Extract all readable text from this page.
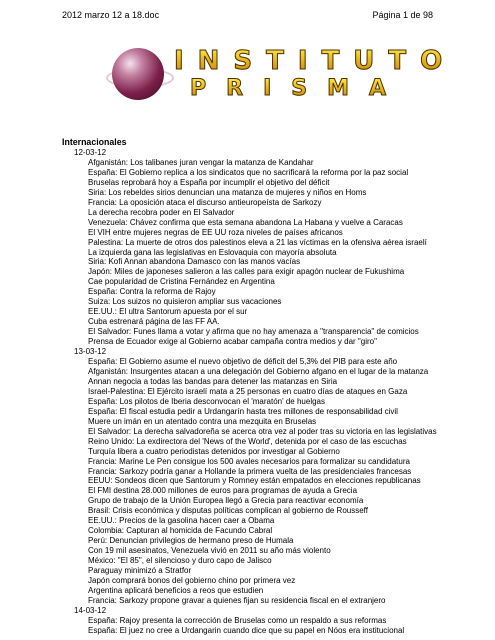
2012 marzo 12 a 18.doc	Página 1 de 98
INSTITUTO
PRISMA
Internacionales
12-03-12
Afganistán: Los talibanes juran vengar la matanza de Kandahar
España: El Gobierno replica a los sindicatos que no sacrificará la reforma por la paz social
Bruselas reprobará hoy a España por incumplir el objetivo del déficit
Siria: Los rebeldes sirios denuncian una matanza de mujeres y niños en Homs
Francia: La oposición ataca el discurso antieuropeísta de Sarkozy
La derecha recobra poder en El Salvador
Venezuela: Chávez confirma que esta semana abandona La Habana y vuelve a Caracas
El VIH entre mujeres negras de EE UU roza niveles de países africanos
Palestina: La muerte de otros dos palestinos eleva a 21 las víctimas en la ofensiva aérea israelí
La izquierda gana las legislativas en Eslovaquia con mayoría absoluta
Siria: Kofi Annan abandona Damasco con las manos vacías
Japón: Miles de japoneses salieron a las calles para exigir apagón nuclear de Fukushima
Cae popularidad de Cristina Fernández en Argentina
España: Contra la reforma de Rajoy
Suiza: Los suizos no quisieron ampliar sus vacaciones
EE.UU.: El ultra Santorum apuesta por el sur
Cuba estrenará página de las FF AA.
El Salvador: Funes llama a votar y afirma que no hay amenaza a "transparencia" de comicios
Prensa de Ecuador exige al Gobierno acabar campaña contra medios y dar "giro"
13-03-12
España: El Gobierno asume el nuevo objetivo de déficit del 5,3% del PIB para este año
Afganistán: Insurgentes atacan a una delegación del Gobierno afgano en el lugar de la matanza
Annan negocia a todas las bandas para detener las matanzas en Siria
Israel-Palestina: El Ejército israelí mata a 25 personas en cuatro días de ataques en Gaza
España: Los pilotos de Iberia desconvocan el 'maratón' de huelgas
España: El fiscal estudia pedir a Urdangarín hasta tres millones de responsabilidad civil
Muere un imán en un atentado contra una mezquita en Bruselas
El Salvador: La derecha salvadoreña se acerca otra vez al poder tras su victoria en las legislativas
Reino Unido: La exdirectora del 'News of the World', detenida por el caso de las escuchas
Turquía libera a cuatro periodistas detenidos por investigar al Gobierno
Francia: Marine Le Pen consigue los 500 avales necesarios para formalizar su candidatura
Francia: Sarkozy podría ganar a Hollande la primera vuelta de las presidenciales francesas
EEUU: Sondeos dicen que Santorum y Romney están empatados en elecciones republicanas
El FMI destina 28.000 millones de euros para programas de ayuda a Grecia
Grupo de trabajo de la Unión Europea llegó a Grecia para reactivar economía
Brasil: Crisis económica y disputas políticas complican al gobierno de Rousseff
EE.UU.: Precios de la gasolina hacen caer a Obama
Colombia: Capturan al homicida de Facundo Cabral
Perú: Denuncian privilegios de hermano preso de Humala
Con 19 mil asesinatos, Venezuela vivió en 2011 su año más violento
México: "El 85", el silencioso y duro capo de Jalisco
Paraguay minimizó a Stratfor
Japón comprará bonos del gobierno chino por primera vez
Argentina aplicará beneficios a reos que estudien
Francia: Sarkozy propone gravar a quienes fijan su residencia fiscal en el extranjero
14-03-12
España: Rajoy presenta la corrección de Bruselas como un respaldo a sus reformas
España: El juez no cree a Urdangarin cuando dice que su papel en Nóos era institucional
